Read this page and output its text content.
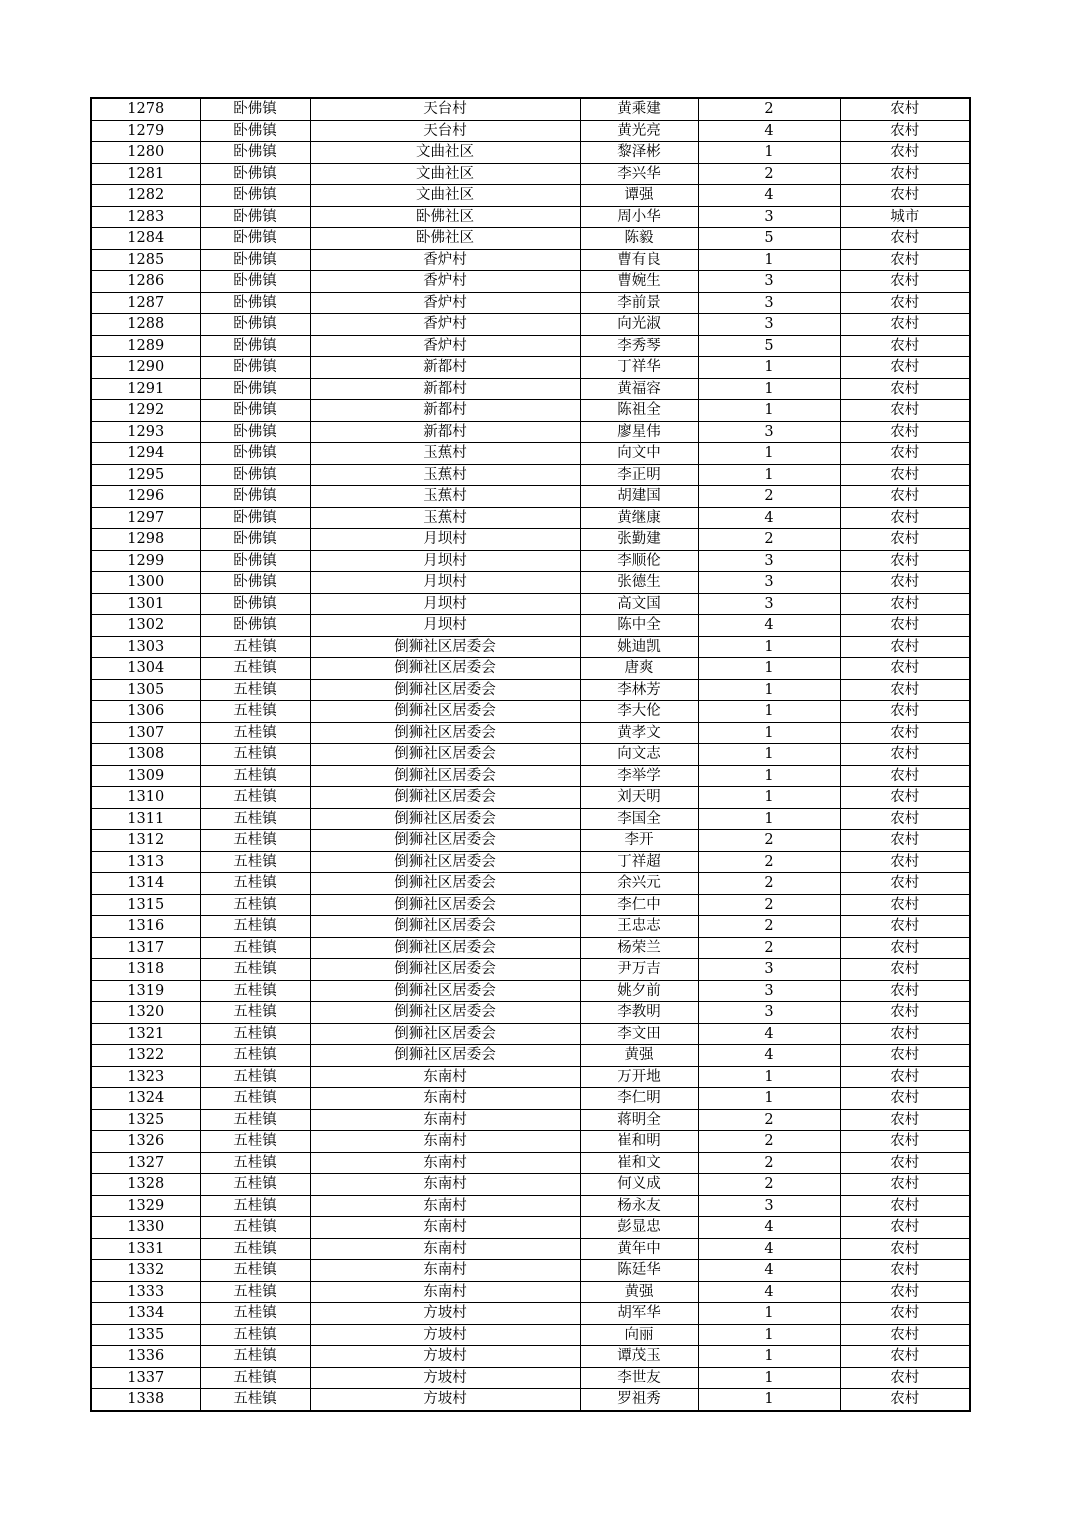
1278	卧佛镇	天台村	黄乘建	2	农村
1279	卧佛镇	天台村	黄光亮	4	农村
1280	卧佛镇	文曲社区	黎泽彬	1	农村
1281	卧佛镇	文曲社区	李兴华	2	农村
1282	卧佛镇	文曲社区	谭强	4	农村
1283	卧佛镇	卧佛社区	周小华	3	城市
1284	卧佛镇	卧佛社区	陈毅	5	农村
1285	卧佛镇	香炉村	曹有良	1	农村
1286	卧佛镇	香炉村	曹婉生	3	农村
1287	卧佛镇	香炉村	李前景	3	农村
1288	卧佛镇	香炉村	向光淑	3	农村
1289	卧佛镇	香炉村	李秀琴	5	农村
1290	卧佛镇	新都村	丁祥华	1	农村
1291	卧佛镇	新都村	黄福容	1	农村
1292	卧佛镇	新都村	陈祖全	1	农村
1293	卧佛镇	新都村	廖星伟	3	农村
1294	卧佛镇	玉蕉村	向文中	1	农村
1295	卧佛镇	玉蕉村	李正明	1	农村
1296	卧佛镇	玉蕉村	胡建国	2	农村
1297	卧佛镇	玉蕉村	黄继康	4	农村
1298	卧佛镇	月坝村	张勤建	2	农村
1299	卧佛镇	月坝村	李顺伦	3	农村
1300	卧佛镇	月坝村	张德生	3	农村
1301	卧佛镇	月坝村	高文国	3	农村
1302	卧佛镇	月坝村	陈中全	4	农村
1303	五桂镇	倒狮社区居委会	姚迪凯	1	农村
1304	五桂镇	倒狮社区居委会	唐爽	1	农村
1305	五桂镇	倒狮社区居委会	李林芳	1	农村
1306	五桂镇	倒狮社区居委会	李大伦	1	农村
1307	五桂镇	倒狮社区居委会	黄孝文	1	农村
1308	五桂镇	倒狮社区居委会	向文志	1	农村
1309	五桂镇	倒狮社区居委会	李举学	1	农村
1310	五桂镇	倒狮社区居委会	刘天明	1	农村
1311	五桂镇	倒狮社区居委会	李国全	1	农村
1312	五桂镇	倒狮社区居委会	李开	2	农村
1313	五桂镇	倒狮社区居委会	丁祥超	2	农村
1314	五桂镇	倒狮社区居委会	余兴元	2	农村
1315	五桂镇	倒狮社区居委会	李仁中	2	农村
1316	五桂镇	倒狮社区居委会	王忠志	2	农村
1317	五桂镇	倒狮社区居委会	杨荣兰	2	农村
1318	五桂镇	倒狮社区居委会	尹万吉	3	农村
1319	五桂镇	倒狮社区居委会	姚夕前	3	农村
1320	五桂镇	倒狮社区居委会	李教明	3	农村
1321	五桂镇	倒狮社区居委会	李文田	4	农村
1322	五桂镇	倒狮社区居委会	黄强	4	农村
1323	五桂镇	东南村	万开地	1	农村
1324	五桂镇	东南村	李仁明	1	农村
1325	五桂镇	东南村	蒋明全	2	农村
1326	五桂镇	东南村	崔和明	2	农村
1327	五桂镇	东南村	崔和文	2	农村
1328	五桂镇	东南村	何义成	2	农村
1329	五桂镇	东南村	杨永友	3	农村
1330	五桂镇	东南村	彭显忠	4	农村
1331	五桂镇	东南村	黄年中	4	农村
1332	五桂镇	东南村	陈廷华	4	农村
1333	五桂镇	东南村	黄强	4	农村
1334	五桂镇	方坡村	胡军华	1	农村
1335	五桂镇	方坡村	向丽	1	农村
1336	五桂镇	方坡村	谭茂玉	1	农村
1337	五桂镇	方坡村	李世友	1	农村
1338	五桂镇	方坡村	罗祖秀	1	农村
